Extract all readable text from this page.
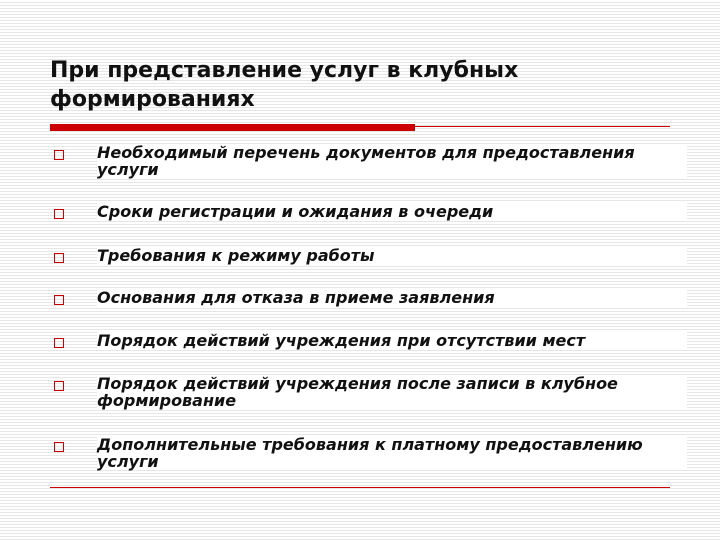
При представление услуг в клубных формированиях

Необходимый перечень документов для предоставления услуги

Сроки регистрации и ожидания в очереди

Требования к режиму работы

Основания для отказа в приеме заявления

Порядок действий учреждения при отсутствии мест

Порядок действий учреждения после записи в клубное формирование

Дополнительные требования к платному предоставлению услуги
